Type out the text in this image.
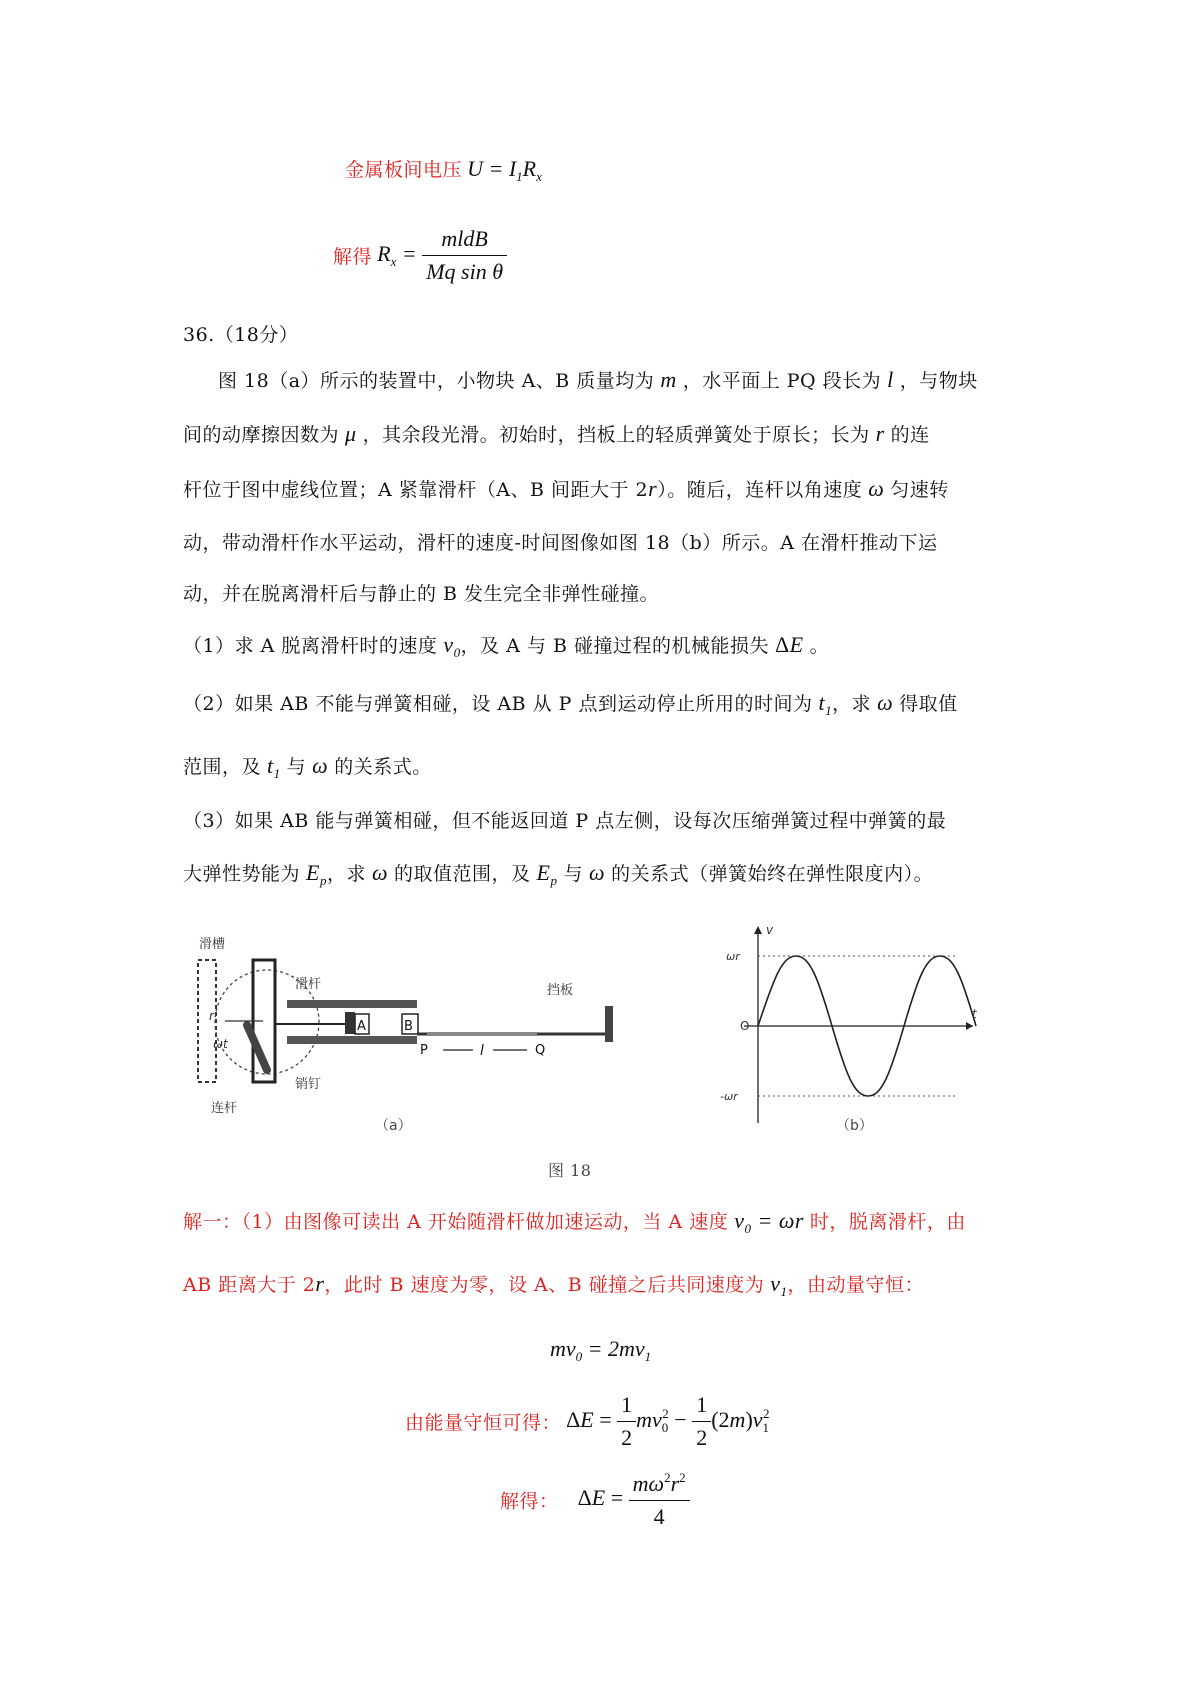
金属板间电压 $U = I_1R_x$
解得 $R_x = \frac{\text{mldB}}{\text{Mq sin θ}}$
36.（18分）
图 18（a）所示的装置中，小物块 A、B 质量均为 m ，水平面上 PQ 段长为 l ，与物块
间的动摩擦因数为 μ ，其余段光滑。初始时，挡板上的轻质弹簧处于原长；长为 r 的连
杆位于图中虚线位置；A 紧靠滑杆（A、B 间距大于 2r）。随后，连杆以角速度 ω 匀速转
动，带动滑杆作水平运动，滑杆的速度-时间图像如图 18（b）所示。A 在滑杆推动下运
动，并在脱离滑杆后与静止的 B 发生完全非弹性碰撞。
（1）求 A 脱离滑杆时的速度 $v_0$，及 A 与 B 碰撞过程的机械能损失 ΔE 。
（2）如果 AB 不能与弹簧相碰，设 AB 从 P 点到运动停止所用的时间为 $t_1$，求 ω 得取值
范围，及 $t_1$ 与 ω 的关系式。
（3）如果 AB 能与弹簧相碰，但不能返回道 P 点左侧，设每次压缩弹簧过程中弹簧的最
大弹性势能为 $E_p$，求 ω 的取值范围，及 $E_p$ 与 ω 的关系式（弹簧始终在弹性限度内）。
A	B
滑槽
滑杆	挡板
销钉
连杆
P	Q
l
r
ωt
（a）
v
t
ωr
O
-ωr
（b）
图 18
解一：（1）由图像可读出 A 开始随滑杆做加速运动，当 A 速度 $v_0 = \omega r$ 时，脱离滑杆，由
AB 距离大于 2r，此时 B 速度为零，设 A、B 碰撞之后共同速度为 $v_1$，由动量守恒：
$mv_0 = 2mv_1$
由能量守恒可得： $\Delta E = \frac{1}{2} mv_0^2 - \frac{1}{2} (2m)v_1^2$
解得： $\Delta E = \frac{m\omega^2r^2}{4}$
